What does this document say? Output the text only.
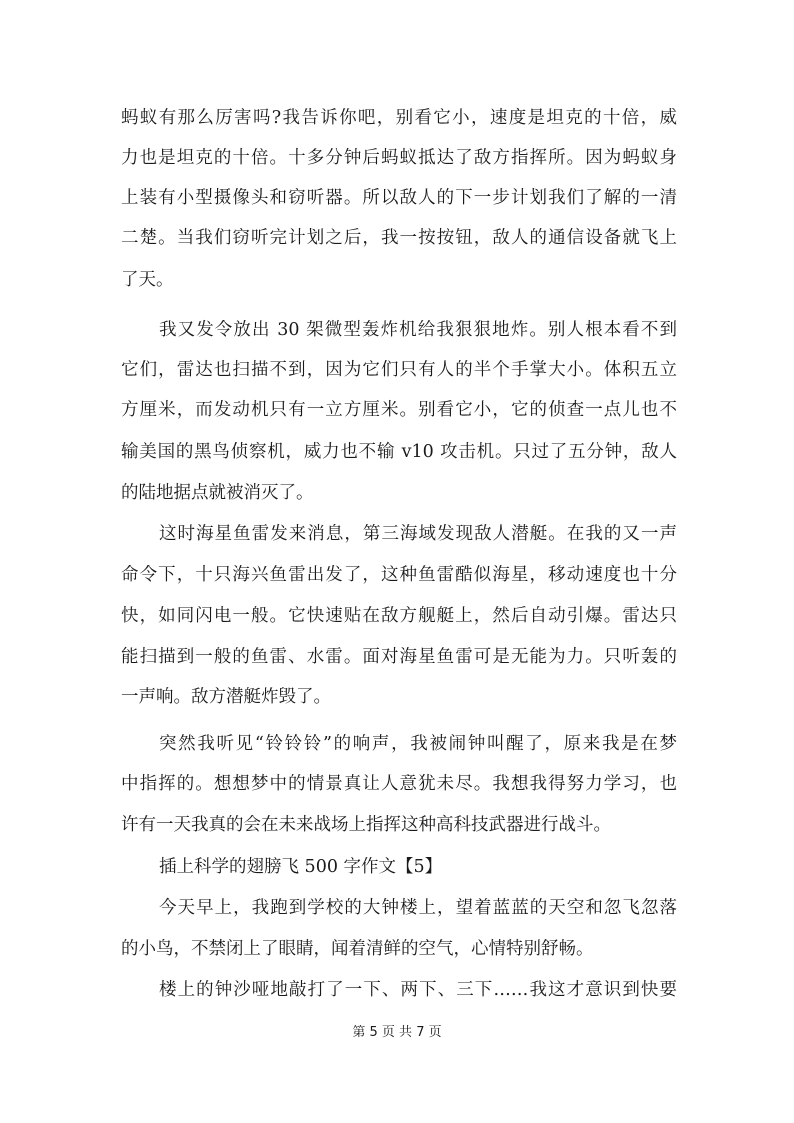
蚂蚁有那么厉害吗?我告诉你吧，别看它小，速度是坦克的十倍，威
力也是坦克的十倍。十多分钟后蚂蚁抵达了敌方指挥所。因为蚂蚁身
上装有小型摄像头和窃听器。所以敌人的下一步计划我们了解的一清
二楚。当我们窃听完计划之后，我一按按钮，敌人的通信设备就飞上
了天。
我又发令放出 30 架微型轰炸机给我狠狠地炸。别人根本看不到
它们，雷达也扫描不到，因为它们只有人的半个手掌大小。体积五立
方厘米，而发动机只有一立方厘米。别看它小，它的侦查一点儿也不
输美国的黑鸟侦察机，威力也不输 v10 攻击机。只过了五分钟，敌人
的陆地据点就被消灭了。
这时海星鱼雷发来消息，第三海域发现敌人潜艇。在我的又一声
命令下，十只海兴鱼雷出发了，这种鱼雷酷似海星，移动速度也十分
快，如同闪电一般。它快速贴在敌方舰艇上，然后自动引爆。雷达只
能扫描到一般的鱼雷、水雷。面对海星鱼雷可是无能为力。只听轰的
一声响。敌方潜艇炸毁了。
突然我听见“铃铃铃”的响声，我被闹钟叫醒了，原来我是在梦
中指挥的。想想梦中的情景真让人意犹未尽。我想我得努力学习，也
许有一天我真的会在未来战场上指挥这种高科技武器进行战斗。
插上科学的翅膀飞 500 字作文【5】
今天早上，我跑到学校的大钟楼上，望着蓝蓝的天空和忽飞忽落
的小鸟，不禁闭上了眼睛，闻着清鲜的空气，心情特别舒畅。
楼上的钟沙哑地敲打了一下、两下、三下……我这才意识到快要
第 5 页 共 7 页
